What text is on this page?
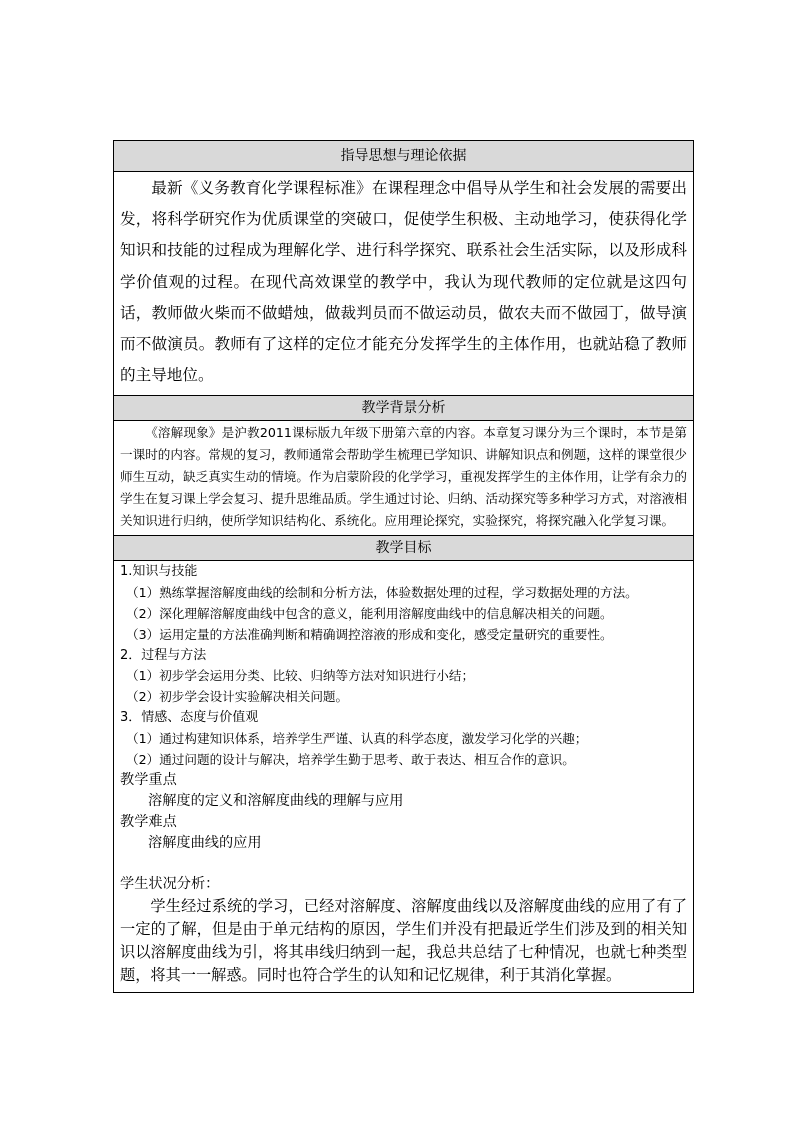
指导思想与理论依据

最新《义务教育化学课程标准》在课程理念中倡导从学生和社会发展的需要出发，将科学研究作为优质课堂的突破口，促使学生积极、主动地学习，使获得化学知识和技能的过程成为理解化学、进行科学探究、联系社会生活实际，以及形成科学价值观的过程。在现代高效课堂的教学中，我认为现代教师的定位就是这四句话，教师做火柴而不做蜡烛，做裁判员而不做运动员，做农夫而不做园丁，做导演而不做演员。教师有了这样的定位才能充分发挥学生的主体作用，也就站稳了教师的主导地位。

教学背景分析

《溶解现象》是沪教2011课标版九年级下册第六章的内容。本章复习课分为三个课时，本节是第一课时的内容。常规的复习，教师通常会帮助学生梳理已学知识、讲解知识点和例题，这样的课堂很少师生互动，缺乏真实生动的情境。作为启蒙阶段的化学学习，重视发挥学生的主体作用，让学有余力的学生在复习课上学会复习、提升思维品质。学生通过讨论、归纳、活动探究等多种学习方式，对溶液相关知识进行归纳，使所学知识结构化、系统化。应用理论探究，实验探究，将探究融入化学复习课。

教学目标

1.知识与技能
（1）熟练掌握溶解度曲线的绘制和分析方法，体验数据处理的过程，学习数据处理的方法。
（2）深化理解溶解度曲线中包含的意义，能利用溶解度曲线中的信息解决相关的问题。
（3）运用定量的方法准确判断和精确调控溶液的形成和变化，感受定量研究的重要性。
2．过程与方法
（1）初步学会运用分类、比较、归纳等方法对知识进行小结；
（2）初步学会设计实验解决相关问题。
3．情感、态度与价值观
（1）通过构建知识体系，培养学生严谨、认真的科学态度，激发学习化学的兴趣；
（2）通过问题的设计与解决，培养学生勤于思考、敢于表达、相互合作的意识。
教学重点
溶解度的定义和溶解度曲线的理解与应用
教学难点
溶解度曲线的应用
学生状况分析：
学生经过系统的学习，已经对溶解度、溶解度曲线以及溶解度曲线的应用了有了一定的了解，但是由于单元结构的原因，学生们并没有把最近学生们涉及到的相关知识以溶解度曲线为引，将其串线归纳到一起，我总共总结了七种情况，也就七种类型题，将其一一解惑。同时也符合学生的认知和记忆规律，利于其消化掌握。
